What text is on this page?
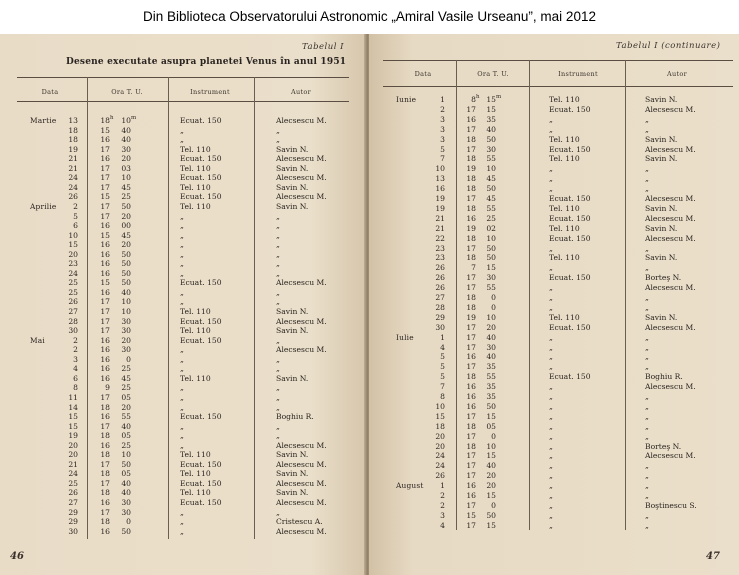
Din Biblioteca Observatorului Astronomic „Amiral Vasile Urseanu”, mai 2012
Tabelul I
Desene executate asupra planetei Venus în anul 1951
Data	Ora T. U.	Instrument	Autor
Martie	13	18 h	10 m	Ecuat. 150	Alecsescu M.
18	15	40	„	„
18	16	40	„	„
19	17	30	Tel. 110	Savin N.
21	16	20	Ecuat. 150	Alecsescu M.
21	17	03	Tel. 110	Savin N.
24	17	10	Ecuat. 150	Alecsescu M.
24	17	45	Tel. 110	Savin N.
26	15	25	Ecuat. 150	Alecsescu M.
Aprilie	2	17	50	Tel. 110	Savin N.
5	17	20	„	„
6	16	00	„	„
10	15	45	„	„
15	16	20	„	„
20	16	50	„	„
23	16	50	„	„
24	16	50	„	„
25	15	50	Ecuat. 150	Alecsescu M.
25	16	40	„	„
26	17	10	„	„
27	17	10	Tel. 110	Savin N.
28	17	30	Ecuat. 150	Alecsescu M.
30	17	30	Tel. 110	Savin N.
Mai	2	16	20	Ecuat. 150	„
2	16	30	„	Alecsescu M.
3	16	0	„	„
4	16	25	„	„
6	16	45	Tel. 110	Savin N.
8	9	25	„	„
11	17	05	„	„
14	18	20	„	„
15	16	55	Ecuat. 150	Boghiu R.
15	17	40	„	„
19	18	05	„	„
20	16	25	„	Alecsescu M.
20	18	10	Tel. 110	Savin N.
21	17	50	Ecuat. 150	Alecsescu M.
24	18	05	Tel. 110	Savin N.
25	17	40	Ecuat. 150	Alecsescu M.
26	18	40	Tel. 110	Savin N.
27	16	30	Ecuat. 150	Alecsescu M.
29	17	30	„	„
29	18	0	„	Cristescu A.
30	16	50	„	Alecsescu M.
46
Tabelul I (continuare)
Data	Ora T. U.	Instrument	Autor
Iunie	1	8 h 15 m	Tel. 110	Savin N.
2	17	15	Ecuat. 150	Alecsescu M.
3	16	35	„	„
3	17	40	„	„
3	18	50	Tel. 110	Savin N.
5	17	30	Ecuat. 150	Alecsescu M.
7	18	55	Tel. 110	Savin N.
10	19	10	„	„
13	18	45	„	„
16	18	50	„	„
19	17	45	Ecuat. 150	Alecsescu M.
19	18	55	Tel. 110	Savin N.
21	16	25	Ecuat. 150	Alecsescu M.
21	19	02	Tel. 110	Savin N.
22	18	10	Ecuat. 150	Alecsescu M.
23	17	50	„	„
23	18	50	Tel. 110	Savin N.
26	7	15	„	„
26	17	30	Ecuat. 150	Borteş N.
26	17	55	„	Alecsescu M.
27	18	0	„	„
28	18	0	„	„
29	19	10	Tel. 110	Savin N.
30	17	20	Ecuat. 150	Alecsescu M.
Iulie	1	17	40	„	„
4	17	30	„	„
5	16	40	„	„
5	17	35	„	„
5	18	55	Ecuat. 150	Boghiu R.
7	16	35	„	Alecsescu M.
8	16	35	„	„
10	16	50	„	„
15	17	15	„	„
18	18	05	„	„
20	17	0	„	„
20	18	10	„	Borteş N.
24	17	15	„	Alecsescu M.
24	17	40	„	„
26	17	20	„	„
August	1	16	20	„	„
2	16	15	„	„
2	17	0	„	Boştinescu S.
3	15	50	„	„
4	17	15	„	„
47
